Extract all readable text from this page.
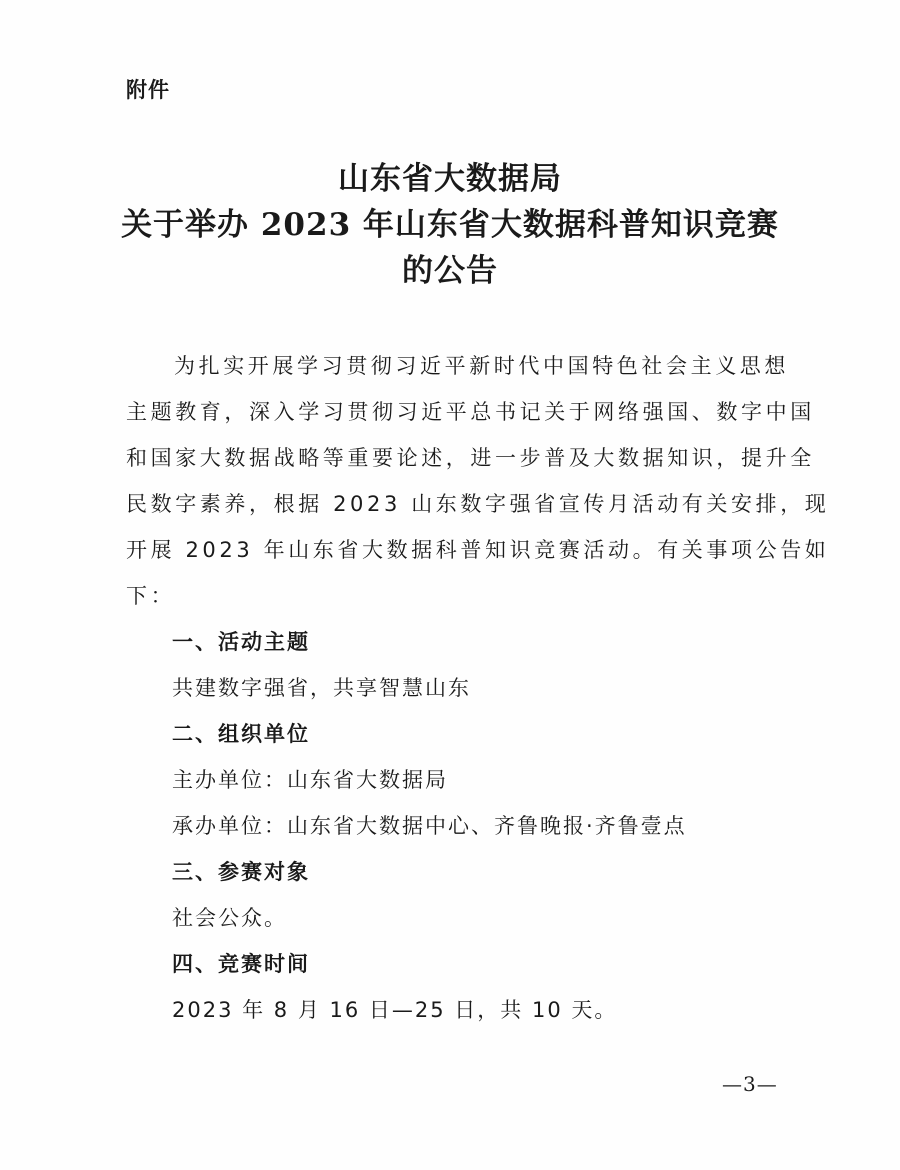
附件
山东省大数据局
关于举办 2023 年山东省大数据科普知识竞赛
的公告
为扎实开展学习贯彻习近平新时代中国特色社会主义思想
主题教育，深入学习贯彻习近平总书记关于网络强国、数字中国
和国家大数据战略等重要论述，进一步普及大数据知识，提升全
民数字素养，根据 2023 山东数字强省宣传月活动有关安排，现
开展 2023 年山东省大数据科普知识竞赛活动。有关事项公告如
下：
一、活动主题
共建数字强省，共享智慧山东
二、组织单位
主办单位：山东省大数据局
承办单位：山东省大数据中心、齐鲁晚报·齐鲁壹点
三、参赛对象
社会公众。
四、竞赛时间
2023 年 8 月 16 日—25 日，共 10 天。
—3—
